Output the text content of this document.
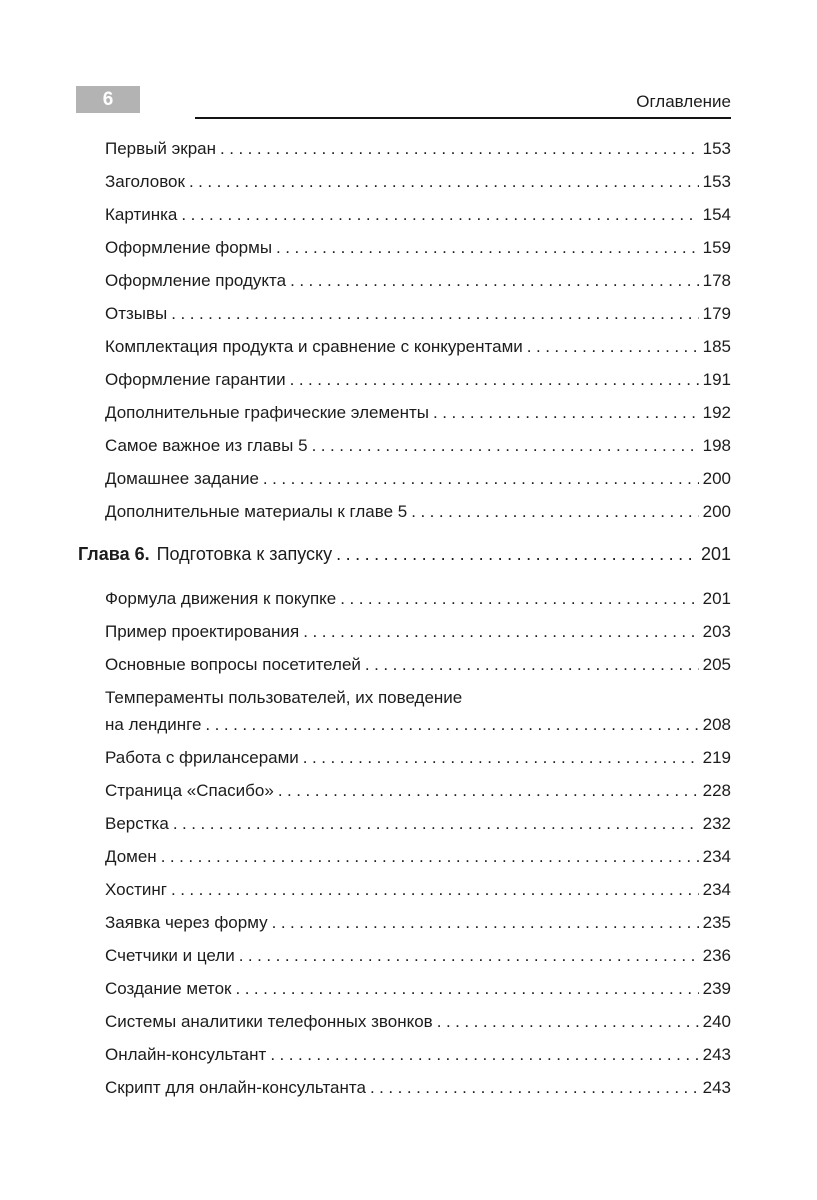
6	Оглавление
Первый экран .....	153
Заголовок .....	153
Картинка .....	154
Оформление формы .....	159
Оформление продукта .....	178
Отзывы .....	179
Комплектация продукта и сравнение с конкурентами .....	185
Оформление гарантии .....	191
Дополнительные графические элементы .....	192
Самое важное из главы 5 .....	198
Домашнее задание .....	200
Дополнительные материалы к главе 5 .....	200
Глава 6. Подготовка к запуску .....	201
Формула движения к покупке .....	201
Пример проектирования .....	203
Основные вопросы посетителей .....	205
Темпераменты пользователей, их поведение
на лендинге .....	208
Работа с фрилансерами .....	219
Страница «Спасибо» .....	228
Верстка .....	232
Домен .....	234
Хостинг .....	234
Заявка через форму .....	235
Счетчики и цели .....	236
Создание меток .....	239
Системы аналитики телефонных звонков .....	240
Онлайн-консультант .....	243
Скрипт для онлайн-консультанта .....	243
